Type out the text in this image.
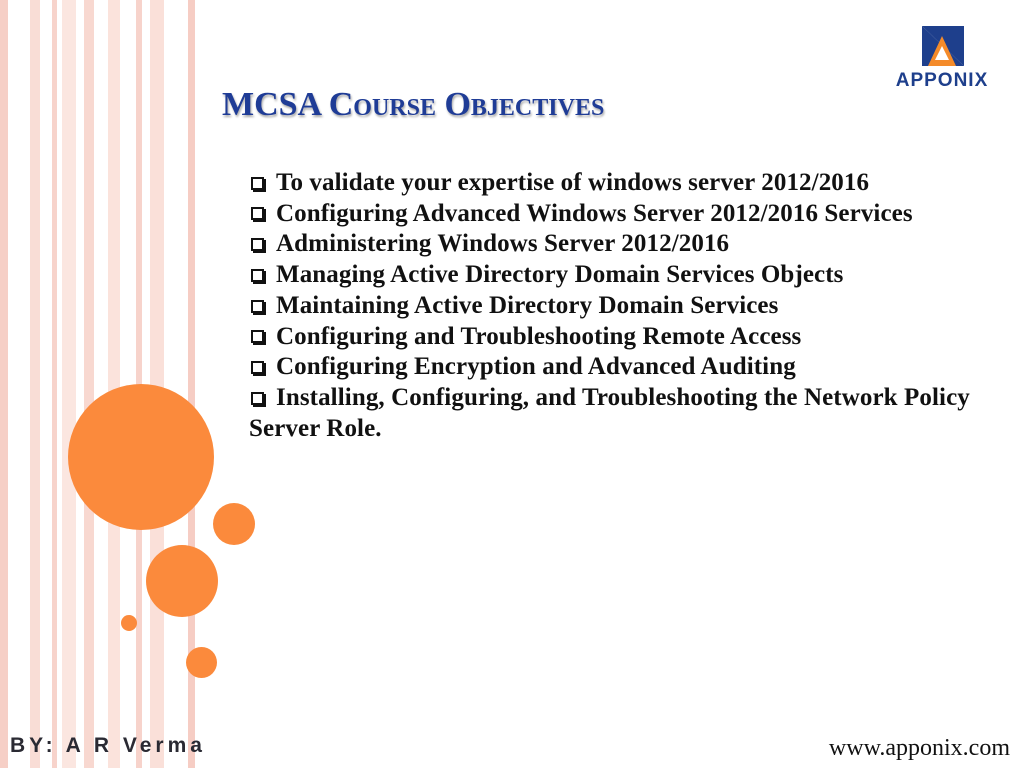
APPONIX
MCSA Course Objectives
To validate your expertise of windows server 2012/2016
Configuring Advanced Windows Server 2012/2016 Services
Administering Windows Server 2012/2016
Managing Active Directory Domain Services Objects
Maintaining Active Directory Domain Services
Configuring and Troubleshooting Remote Access
Configuring Encryption and Advanced Auditing
Installing, Configuring, and Troubleshooting the Network Policy Server Role.
BY: A R Verma	www.apponix.com
